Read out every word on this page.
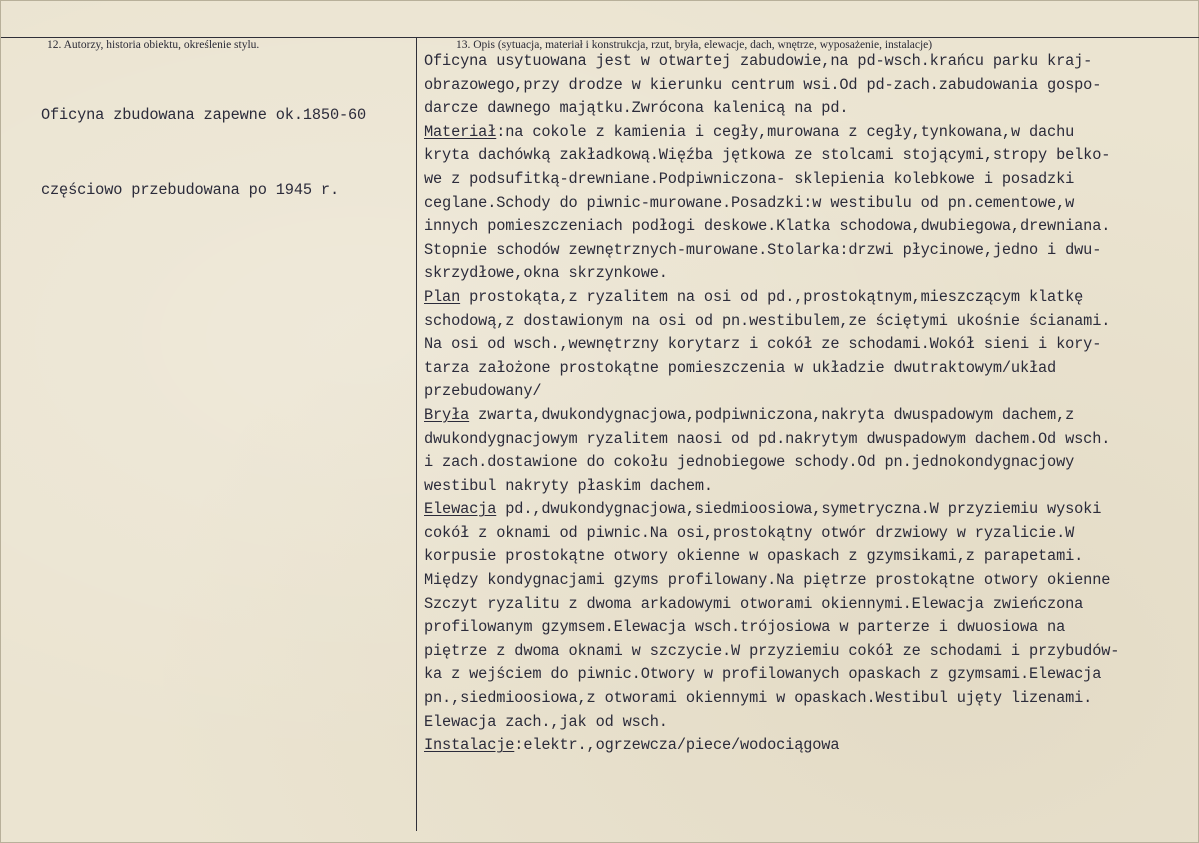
12. Autorzy, historia obiektu, określenie stylu.	13. Opis (sytuacja, materiał i konstrukcja, rzut, bryła, elewacje, dach, wnętrze, wyposażenie, instalacje)

Oficyna zbudowana zapewne ok.1850-60

częściowo przebudowana po 1945 r.

Oficyna usytuowana jest w otwartej zabudowie,na pd-wsch.krańcu parku kraj-
obrazowego,przy drodze w kierunku centrum wsi.Od pd-zach.zabudowania gospo-
darcze dawnego majątku.Zwrócona kalenicą na pd.
Materiał:na cokole z kamienia i cegły,murowana z cegły,tynkowana,w dachu
kryta dachówką zakładkową.Więźba jętkowa ze stolcami stojącymi,stropy belko-
we z podsufitką-drewniane.Podpiwniczona- sklepienia kolebkowe i posadzki
ceglane.Schody do piwnic-murowane.Posadzki:w westibulu od pn.cementowe,w
innych pomieszczeniach podłogi deskowe.Klatka schodowa,dwubiegowa,drewniana.
Stopnie schodów zewnętrznych-murowane.Stolarka:drzwi płycinowe,jedno i dwu-
skrzydłowe,okna skrzynkowe.
Plan prostokąta,z ryzalitem na osi od pd.,prostokątnym,mieszczącym klatkę
schodową,z dostawionym na osi od pn.westibulem,ze ściętymi ukośnie ścianami.
Na osi od wsch.,wewnętrzny korytarz i cokół ze schodami.Wokół sieni i kory-
tarza założone prostokątne pomieszczenia w układzie dwutraktowym/układ
przebudowany/
Bryła zwarta,dwukondygnacjowa,podpiwniczona,nakryta dwuspadowym dachem,z
dwukondygnacjowym ryzalitem naosi od pd.nakrytym dwuspadowym dachem.Od wsch.
i zach.dostawione do cokołu jednobiegowe schody.Od pn.jednokondygnacjowy
westibul nakryty płaskim dachem.
Elewacja pd.,dwukondygnacjowa,siedmioosiowa,symetryczna.W przyziemiu wysoki
cokół z oknami od piwnic.Na osi,prostokątny otwór drzwiowy w ryzalicie.W
korpusie prostokątne otwory okienne w opaskach z gzymsikami,z parapetami.
Między kondygnacjami gzyms profilowany.Na piętrze prostokątne otwory okienne
Szczyt ryzalitu z dwoma arkadowymi otworami okiennymi.Elewacja zwieńczona
profilowanym gzymsem.Elewacja wsch.trójosiowa w parterze i dwuosiowa na
piętrze z dwoma oknami w szczycie.W przyziemiu cokół ze schodami i przybudów-
ka z wejściem do piwnic.Otwory w profilowanych opaskach z gzymsami.Elewacja
pn.,siedmioosiowa,z otworami okiennymi w opaskach.Westibul ujęty lizenami.
Elewacja zach.,jak od wsch.
Instalacje:elektr.,ogrzewcza/piece/wodociągowa
